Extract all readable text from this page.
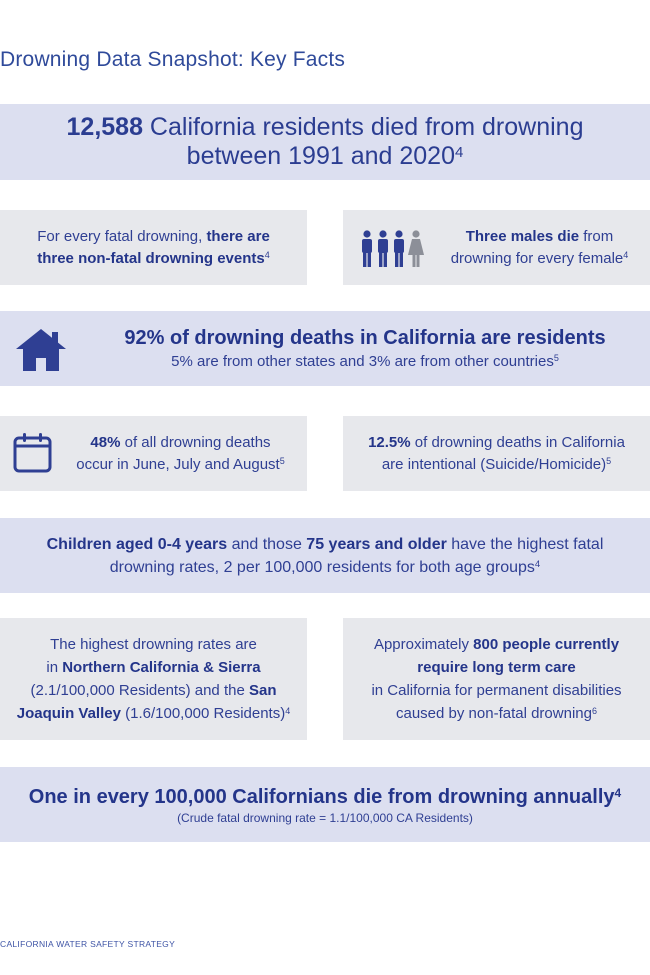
Drowning Data Snapshot: Key Facts
12,588 California residents died from drowning
between 1991 and 2020$^4$
For every fatal drowning, there are
three non-fatal drowning events$^4$
Three males die from
drowning for every female$^4$
92% of drowning deaths in California are residents
5% are from other states and 3% are from other countries$^5$
48% of all drowning deaths
occur in June, July and August$^5$
12.5% of drowning deaths in California
are intentional (Suicide/Homicide)$^5$
Children aged 0-4 years and those 75 years and older have the highest fatal
drowning rates, 2 per 100,000 residents for both age groups$^4$
The highest drowning rates are
in Northern California & Sierra
(2.1/100,000 Residents) and the San
Joaquin Valley (1.6/100,000 Residents)$^4$
Approximately 800 people currently
require long term care
in California for permanent disabilities
caused by non-fatal drowning$^6$
One in every 100,000 Californians die from drowning annually$^4$
(Crude fatal drowning rate = 1.1/100,000 CA Residents)
CALIFORNIA WATER SAFETY STRATEGY
